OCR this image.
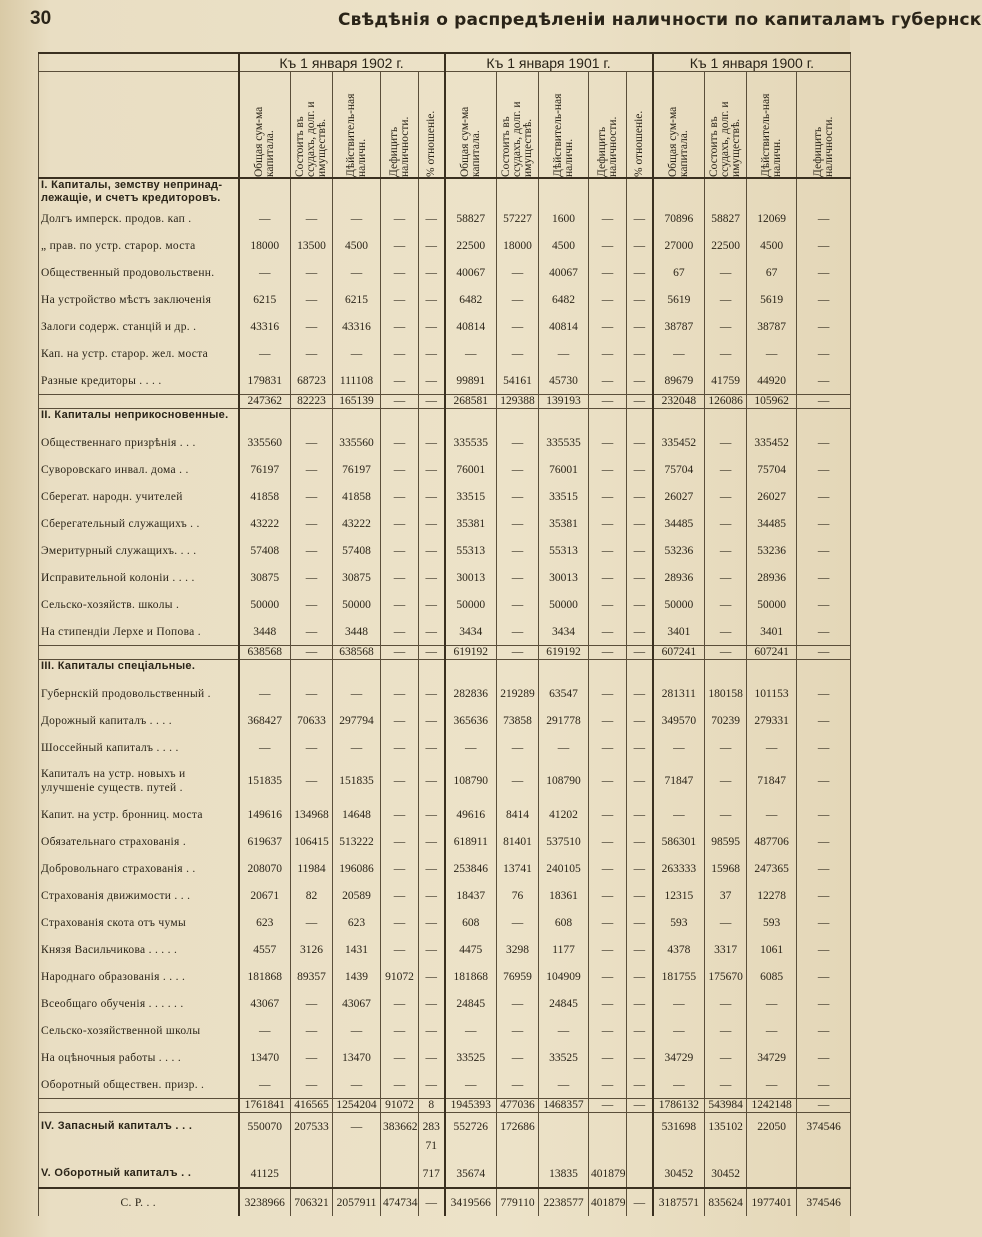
30	Свѣдѣнія о распредѣленіи наличности по капиталамъ губернск
	Къ 1 января 1902 г.					Къ 1 января 1901 г.					Къ 1 января 1900 г.			

	Общая сум-ма капитала.	Состоитъ въ ссудахъ, долг. и имуществѣ.	Дѣйствитель-ная наличн.	Дефицитъ наличности.	% отношеніе.	Общая сум-ма капитала.	Состоитъ въ ссудахъ, долг. и имуществѣ.	Дѣйствитель-ная наличн.	Дефицитъ наличности.	% отношеніе.	Общая сум-ма капитала.	Состоитъ въ ссудахъ, долг. и имуществѣ.	Дѣйствитель-ная наличн.	Дефицитъ наличности.

I. Капиталы, земству непринад-лежащіе, и счетъ кредиторовъ.														
Долгъ имперск. продов. кап .	—	—	—	—	—	58827	57227	1600	—	—	70896	58827	12069	—
„ прав. по устр. старор. моста	18000	13500	4500	—	—	22500	18000	4500	—	—	27000	22500	4500	—
Общественный продовольственн.	—	—	—	—	—	40067	—	40067	—	—	67	—	67	—
На устройство мѣстъ заключенія	6215	—	6215	—	—	6482	—	6482	—	—	5619	—	5619	—
Залоги содерж. станцій и др. .	43316	—	43316	—	—	40814	—	40814	—	—	38787	—	38787	—
Кап. на устр. старор. жел. моста	—	—	—	—	—	—	—	—	—	—	—	—	—	—
Разные кредиторы . . . .	179831	68723	111108	—	—	99891	54161	45730	—	—	89679	41759	44920	—
	247362	82223	165139	—	—	268581	129388	139193	—	—	232048	126086	105962	—
II. Капиталы неприкосновенные.														
Общественнаго призрѣнія . . .	335560	—	335560	—	—	335535	—	335535	—	—	335452	—	335452	—
Суворовскаго инвал. дома . .	76197	—	76197	—	—	76001	—	76001	—	—	75704	—	75704	—
Сберегат. народн. учителей	41858	—	41858	—	—	33515	—	33515	—	—	26027	—	26027	—
Сберегательный служащихъ . .	43222	—	43222	—	—	35381	—	35381	—	—	34485	—	34485	—
Эмеритурный служащихъ. . . .	57408	—	57408	—	—	55313	—	55313	—	—	53236	—	53236	—
Исправительной колоніи . . . .	30875	—	30875	—	—	30013	—	30013	—	—	28936	—	28936	—
Сельско-хозяйств. школы .	50000	—	50000	—	—	50000	—	50000	—	—	50000	—	50000	—
На стипендіи Лерхе и Попова .	3448	—	3448	—	—	3434	—	3434	—	—	3401	—	3401	—
	638568	—	638568	—	—	619192	—	619192	—	—	607241	—	607241	—
III. Капиталы спеціальные.														
Губернскій продовольственный .	—	—	—	—	—	282836	219289	63547	—	—	281311	180158	101153	—
Дорожный капиталъ . . . .	368427	70633	297794	—	—	365636	73858	291778	—	—	349570	70239	279331	—
Шоссейный капиталъ . . . .	—	—	—	—	—	—	—	—	—	—	—	—	—	—
Капиталъ на устр. новыхъ и улучшеніе существ. путей .	151835	—	151835	—	—	108790	—	108790	—	—	71847	—	71847	—
Капит. на устр. бронниц. моста	149616	134968	14648	—	—	49616	8414	41202	—	—	—	—	—	—
Обязательнаго страхованія .	619637	106415	513222	—	—	618911	81401	537510	—	—	586301	98595	487706	—
Добровольнаго страхованія . .	208070	11984	196086	—	—	253846	13741	240105	—	—	263333	15968	247365	—
Страхованія движимости . . .	20671	82	20589	—	—	18437	76	18361	—	—	12315	37	12278	—
Страхованія скота отъ чумы	623	—	623	—	—	608	—	608	—	—	593	—	593	—
Князя Васильчикова . . . . .	4557	3126	1431	—	—	4475	3298	1177	—	—	4378	3317	1061	—
Народнаго образованія . . . .	181868	89357	1439	91072	—	181868	76959	104909	—	—	181755	175670	6085	—
Всеобщаго обученія . . . . . .	43067	—	43067	—	—	24845	—	24845	—	—	—	—	—	—
Сельско-хозяйственной школы	—	—	—	—	—	—	—	—	—	—	—	—	—	—
На оцѣночныя работы . . . .	13470	—	13470	—	—	33525	—	33525	—	—	34729	—	34729	—
Оборотный обществен. призр. .	—	—	—	—	—	—	—	—	—	—	—	—	—	—
	1761841	416565	1254204	91072	8	1945393	477036	1468357	—	—	1786132	543984	1242148	—
IV. Запасный капиталъ . . .	550070	207533	—	383662	283	552726	172686				531698	135102	22050	374546
					71									
V. Оборотный капиталъ . .	41125				717	35674		13835	401879		30452	30452		
С. Р. . .	3238966	706321	2057911	474734	—	3419566	779110	2238577	401879	—	3187571	835624	1977401	374546
